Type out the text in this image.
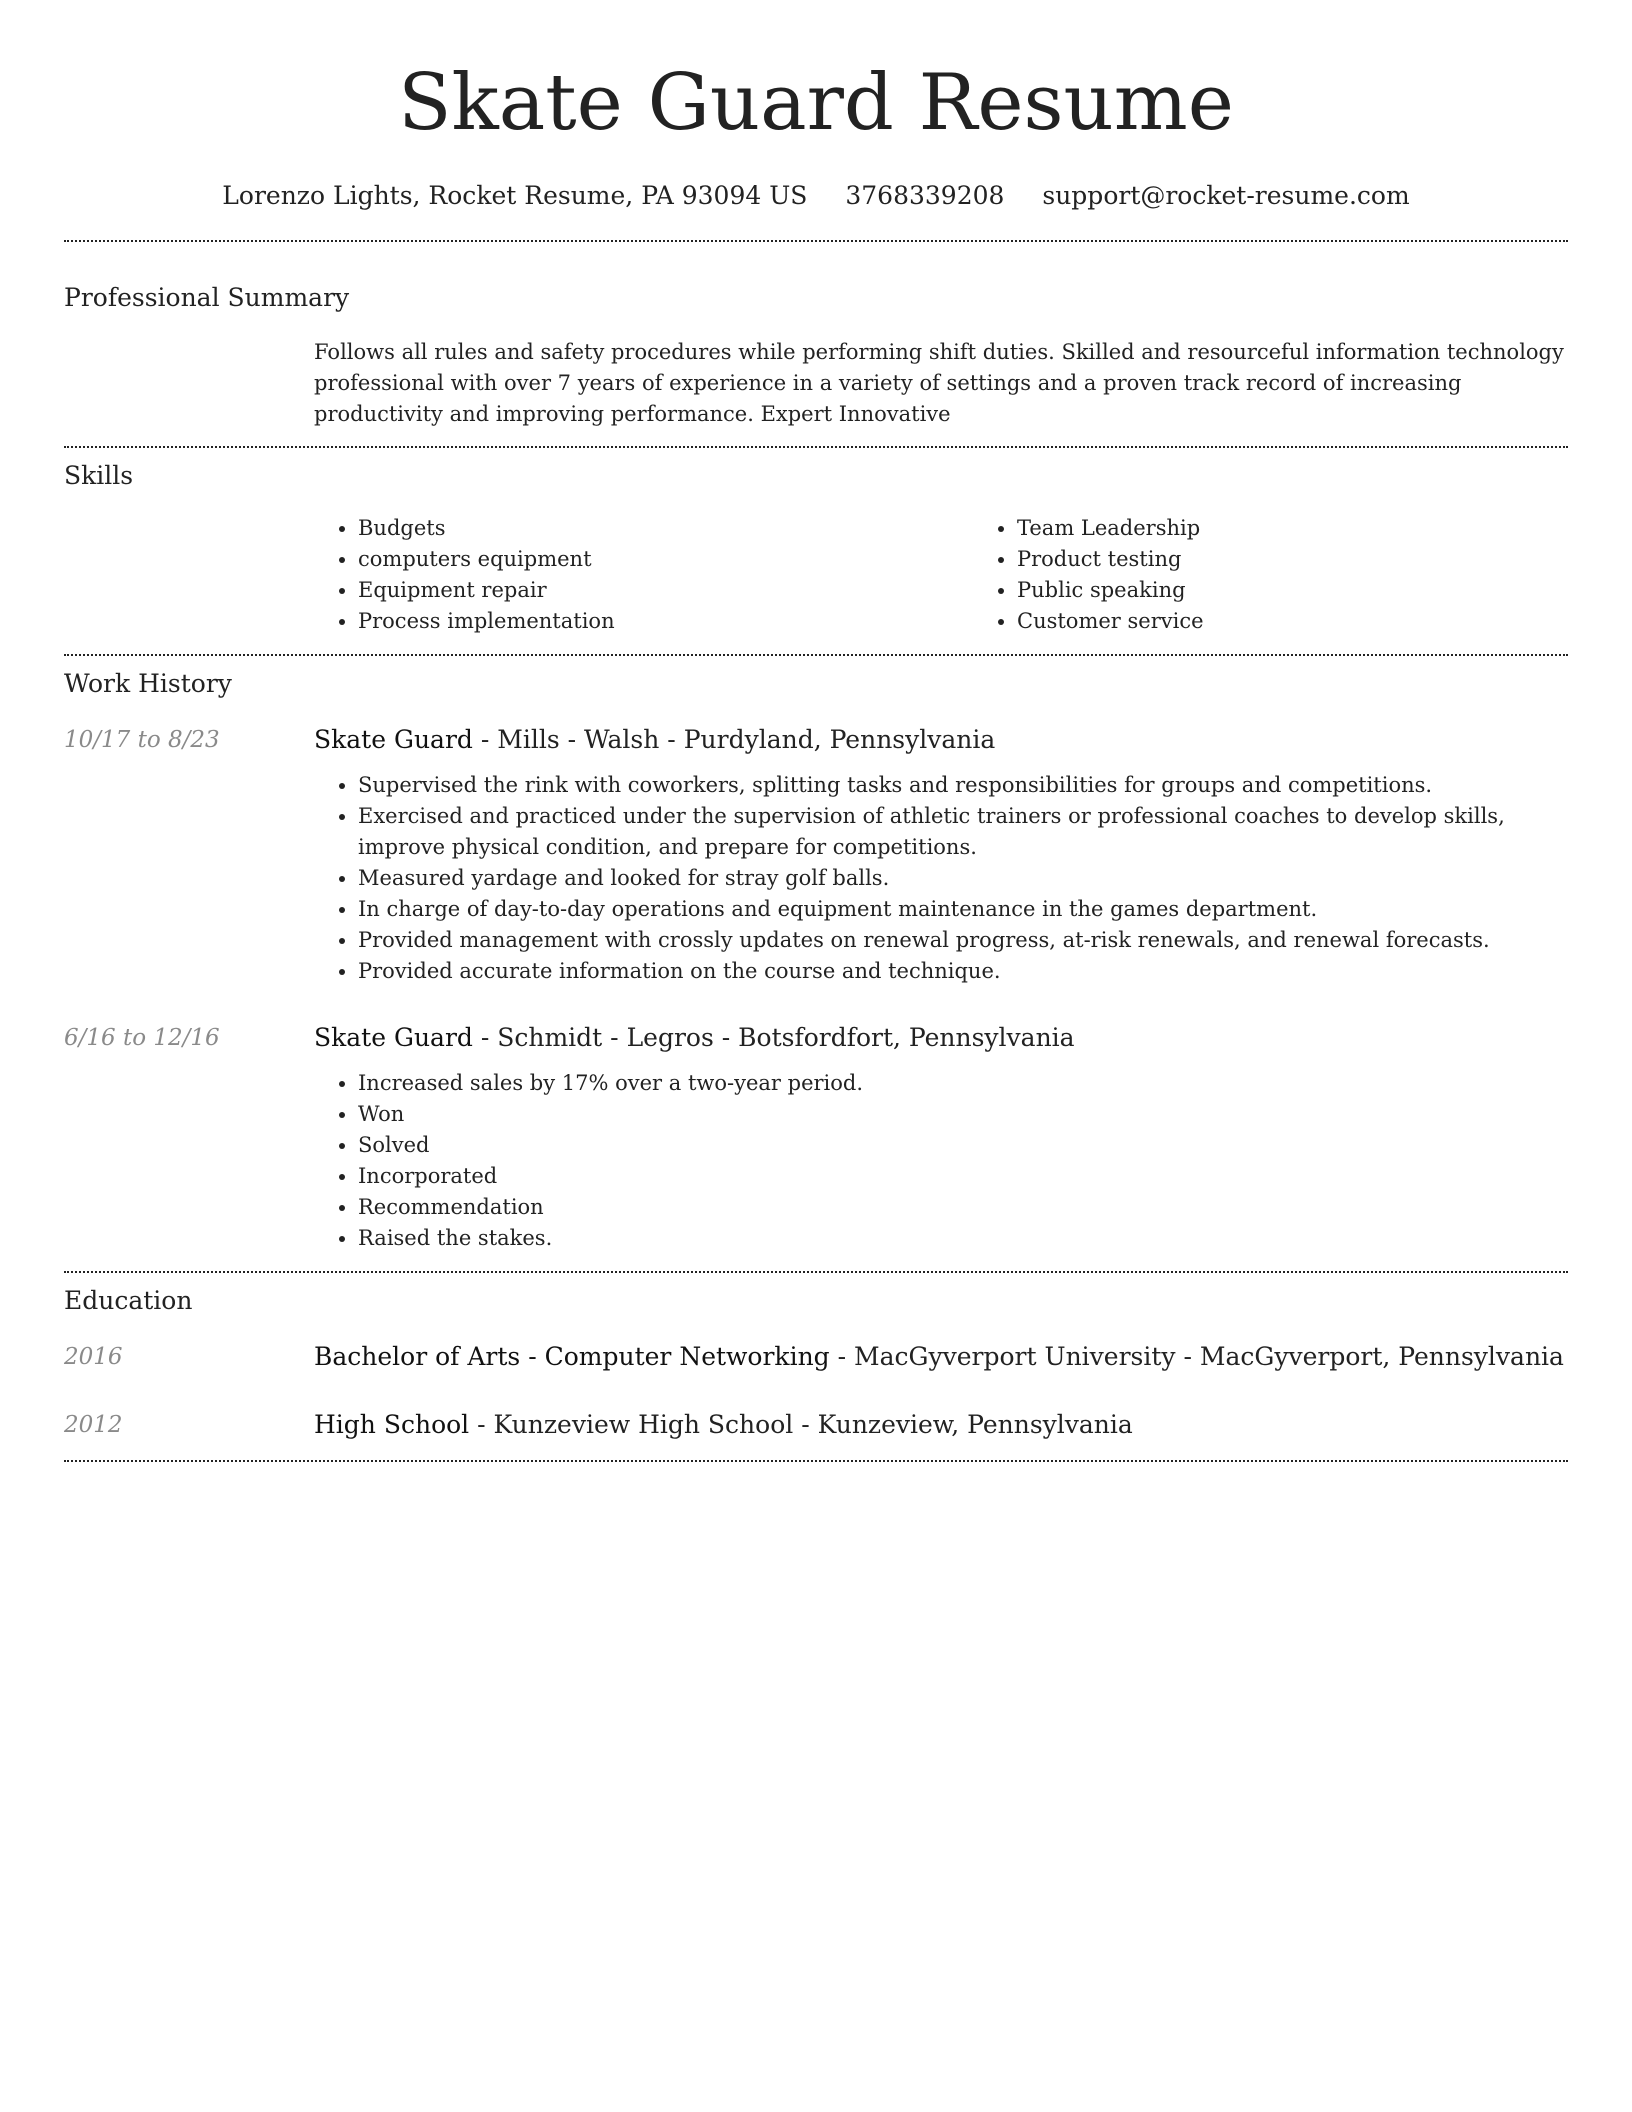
Skate Guard Resume
Lorenzo Lights, Rocket Resume, PA 93094 US 3768339208 support@rocket-resume.com
Professional Summary
Follows all rules and safety procedures while performing shift duties. Skilled and resourceful information technology professional with over 7 years of experience in a variety of settings and a proven track record of increasing productivity and improving performance. Expert Innovative
Skills
• Budgets
• computers equipment
• Equipment repair
• Process implementation
• Team Leadership
• Product testing
• Public speaking
• Customer service
Work History
10/17 to 8/23	Skate Guard - Mills - Walsh - Purdyland, Pennsylvania
• Supervised the rink with coworkers, splitting tasks and responsibilities for groups and competitions.
• Exercised and practiced under the supervision of athletic trainers or professional coaches to develop skills, improve physical condition, and prepare for competitions.
• Measured yardage and looked for stray golf balls.
• In charge of day-to-day operations and equipment maintenance in the games department.
• Provided management with crossly updates on renewal progress, at-risk renewals, and renewal forecasts.
• Provided accurate information on the course and technique.
6/16 to 12/16	Skate Guard - Schmidt - Legros - Botsfordfort, Pennsylvania
• Increased sales by 17% over a two-year period.
• Won
• Solved
• Incorporated
• Recommendation
• Raised the stakes.
Education
2016	Bachelor of Arts - Computer Networking - MacGyverport University - MacGyverport, Pennsylvania
2012	High School - Kunzeview High School - Kunzeview, Pennsylvania
